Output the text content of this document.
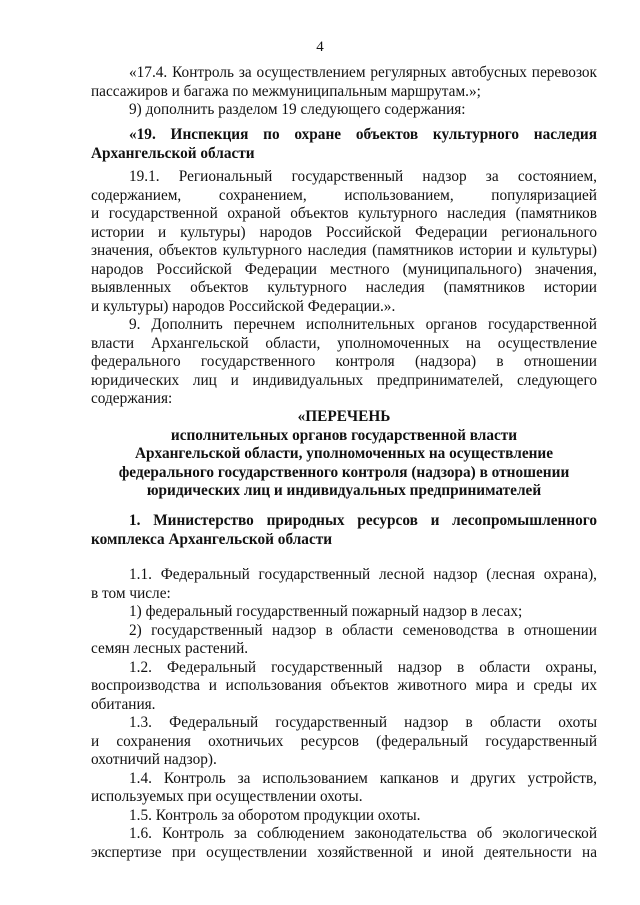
4
«17.4. Контроль за осуществлением регулярных автобусных перевозок
пассажиров и багажа по межмуниципальным маршрутам.»;
9) дополнить разделом 19 следующего содержания:
«19. Инспекция по охране объектов культурного наследия
Архангельской области
19.1. Региональный государственный надзор за состоянием,
содержанием, сохранением, использованием, популяризацией
и государственной охраной объектов культурного наследия (памятников
истории и культуры) народов Российской Федерации регионального
значения, объектов культурного наследия (памятников истории и культуры)
народов Российской Федерации местного (муниципального) значения,
выявленных объектов культурного наследия (памятников истории
и культуры) народов Российской Федерации.».
9. Дополнить перечнем исполнительных органов государственной
власти Архангельской области, уполномоченных на осуществление
федерального государственного контроля (надзора) в отношении
юридических лиц и индивидуальных предпринимателей, следующего
содержания:
«ПЕРЕЧЕНЬ
исполнительных органов государственной власти
Архангельской области, уполномоченных на осуществление
федерального государственного контроля (надзора) в отношении
юридических лиц и индивидуальных предпринимателей
1. Министерство природных ресурсов и лесопромышленного
комплекса Архангельской области
1.1. Федеральный государственный лесной надзор (лесная охрана),
в том числе:
1) федеральный государственный пожарный надзор в лесах;
2) государственный надзор в области семеноводства в отношении
семян лесных растений.
1.2. Федеральный государственный надзор в области охраны,
воспроизводства и использования объектов животного мира и среды их
обитания.
1.3. Федеральный государственный надзор в области охоты
и сохранения охотничьих ресурсов (федеральный государственный
охотничий надзор).
1.4. Контроль за использованием капканов и других устройств,
используемых при осуществлении охоты.
1.5. Контроль за оборотом продукции охоты.
1.6. Контроль за соблюдением законодательства об экологической
экспертизе при осуществлении хозяйственной и иной деятельности на
